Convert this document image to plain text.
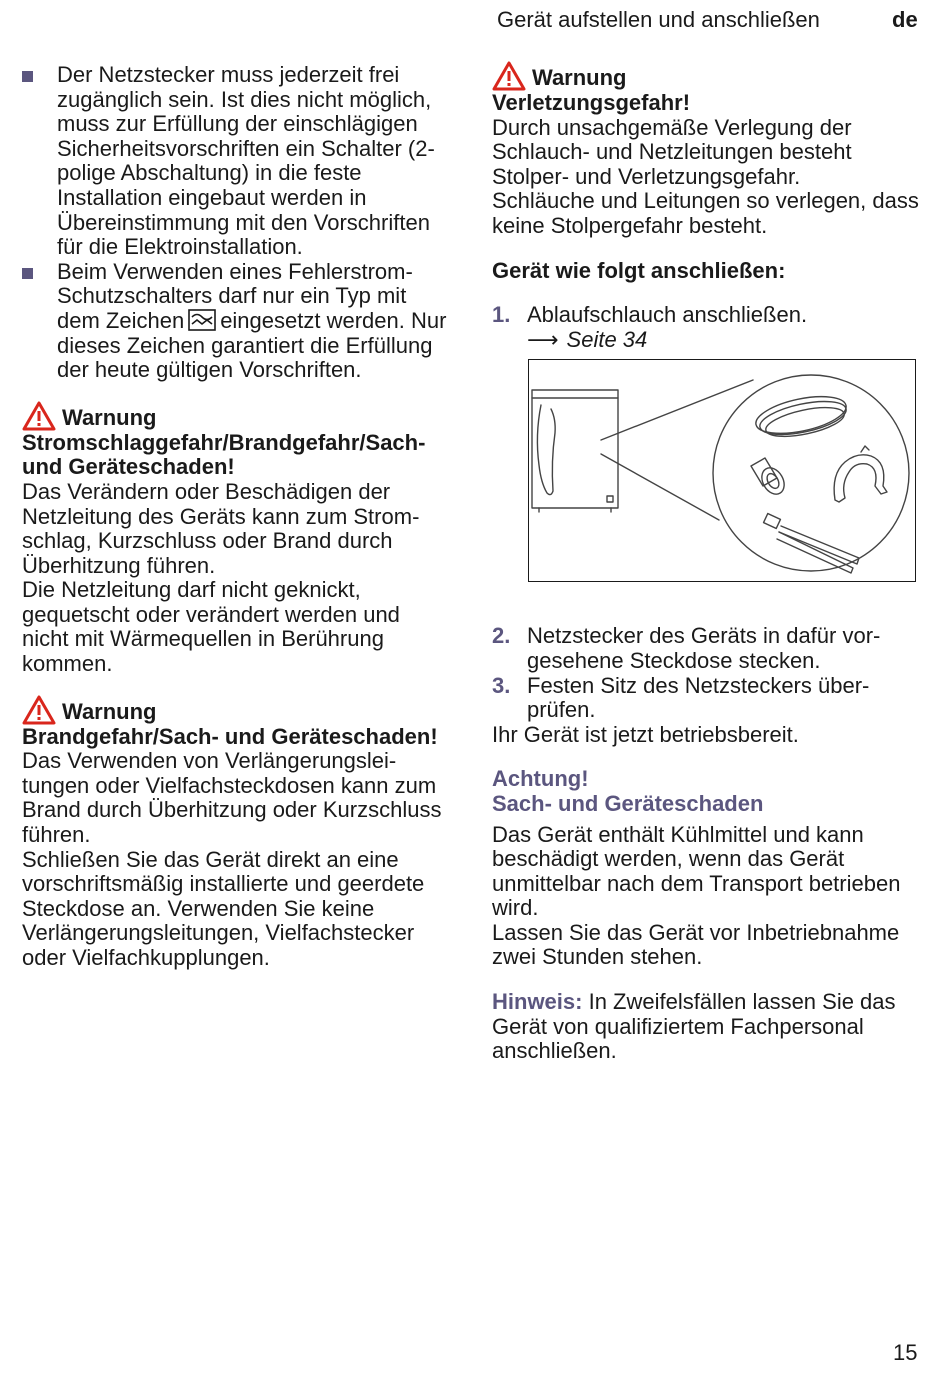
Gerät aufstellen und anschließen	de
Der Netzstecker muss jederzeit frei zugänglich sein. Ist dies nicht möglich, muss zur Erfüllung der einschlägigen Sicherheitsvorschriften ein Schalter (2-polige Abschaltung) in die feste Installation eingebaut werden in Übereinstimmung mit den Vorschriften für die Elektroinstallation.
Beim Verwenden eines Fehlerstrom-Schutzschalters darf nur ein Typ mit dem Zeichen eingesetzt werden. Nur dieses Zeichen garantiert die Erfüllung der heute gültigen Vorschriften.
Warnung

Stromschlaggefahr/Brandgefahr/Sach- und Geräteschaden!

Das Verändern oder Beschädigen der Netzleitung des Geräts kann zum Stromschlag, Kurzschluss oder Brand durch Überhitzung führen.

Die Netzleitung darf nicht geknickt, gequetscht oder verändert werden und nicht mit Wärmequellen in Berührung kommen.

Warnung

Brandgefahr/Sach- und Geräteschaden!

Das Verwenden von Verlängerungsleitungen oder Vielfachsteckdosen kann zum Brand durch Überhitzung oder Kurzschluss führen.

Schließen Sie das Gerät direkt an eine vorschriftsmäßig installierte und geerdete Steckdose an. Verwenden Sie keine Verlängerungsleitungen, Vielfachstecker oder Vielfachkupplungen.

Warnung

Verletzungsgefahr!

Durch unsachgemäße Verlegung der Schlauch- und Netzleitungen besteht Stolper- und Verletzungsgefahr.

Schläuche und Leitungen so verlegen, dass keine Stolpergefahr besteht.

Gerät wie folgt anschließen:

1. Ablaufschlauch anschließen.

⟶ Seite 34

2. Netzstecker des Geräts in dafür vorgesehene Steckdose stecken.
3. Festen Sitz des Netzsteckers überprüfen.

Ihr Gerät ist jetzt betriebsbereit.

Achtung!

Sach- und Geräteschaden

Das Gerät enthält Kühlmittel und kann beschädigt werden, wenn das Gerät unmittelbar nach dem Transport betrieben wird.

Lassen Sie das Gerät vor Inbetriebnahme zwei Stunden stehen.

Hinweis: In Zweifelsfällen lassen Sie das Gerät von qualifiziertem Fachpersonal anschließen.

15
